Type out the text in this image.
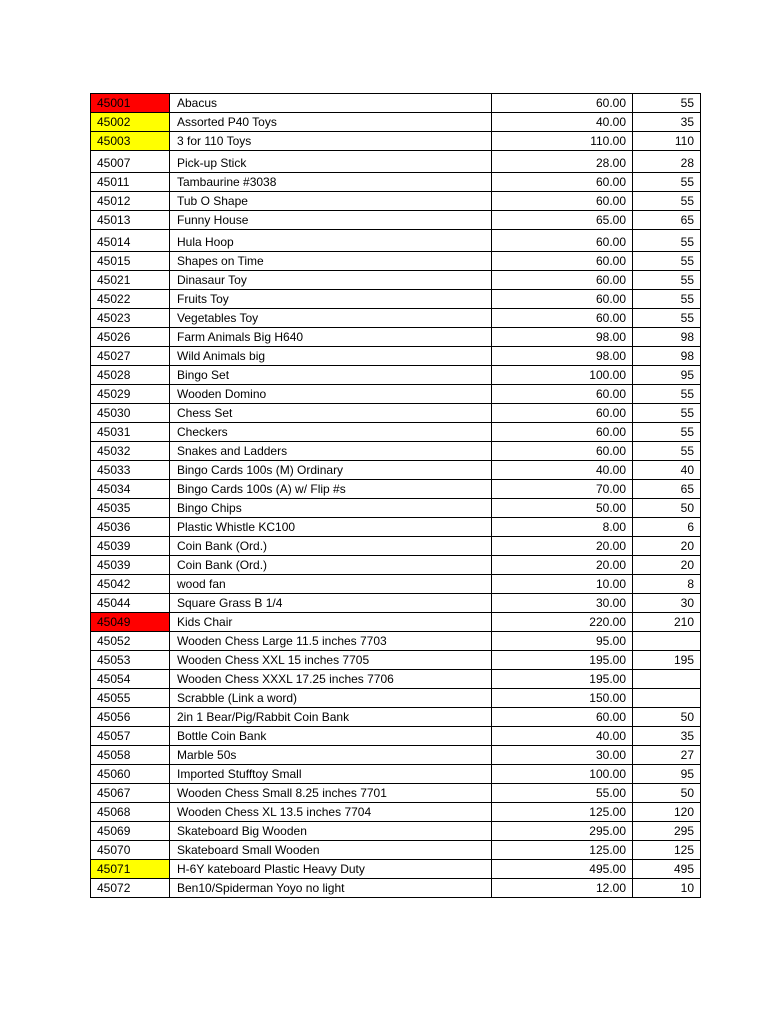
45001	Abacus	60.00	55
45002	Assorted P40 Toys	40.00	35
45003	3 for 110 Toys	110.00	110
45007	Pick-up Stick	28.00	28
45011	Tambaurine #3038	60.00	55
45012	Tub O Shape	60.00	55
45013	Funny House	65.00	65
45014	Hula Hoop	60.00	55
45015	Shapes on Time	60.00	55
45021	Dinasaur Toy	60.00	55
45022	Fruits Toy	60.00	55
45023	Vegetables Toy	60.00	55
45026	Farm Animals Big H640	98.00	98
45027	Wild Animals big	98.00	98
45028	Bingo Set	100.00	95
45029	Wooden Domino	60.00	55
45030	Chess Set	60.00	55
45031	Checkers	60.00	55
45032	Snakes and Ladders	60.00	55
45033	Bingo Cards 100s (M) Ordinary	40.00	40
45034	Bingo Cards 100s (A) w/ Flip #s	70.00	65
45035	Bingo Chips	50.00	50
45036	Plastic Whistle KC100	8.00	6
45039	Coin Bank (Ord.)	20.00	20
45039	Coin Bank (Ord.)	20.00	20
45042	wood fan	10.00	8
45044	Square Grass B 1/4	30.00	30
45049	Kids Chair	220.00	210
45052	Wooden Chess Large 11.5 inches 7703	95.00	
45053	Wooden Chess XXL 15 inches 7705	195.00	195
45054	Wooden Chess XXXL 17.25 inches 7706	195.00	
45055	Scrabble (Link a word)	150.00	
45056	2in 1 Bear/Pig/Rabbit Coin Bank	60.00	50
45057	Bottle Coin Bank	40.00	35
45058	Marble 50s	30.00	27
45060	Imported Stufftoy Small	100.00	95
45067	Wooden Chess Small 8.25 inches 7701	55.00	50
45068	Wooden Chess XL 13.5 inches 7704	125.00	120
45069	Skateboard Big Wooden	295.00	295
45070	Skateboard Small Wooden	125.00	125
45071	H-6Y kateboard Plastic Heavy Duty	495.00	495
45072	Ben10/Spiderman Yoyo no light	12.00	10
